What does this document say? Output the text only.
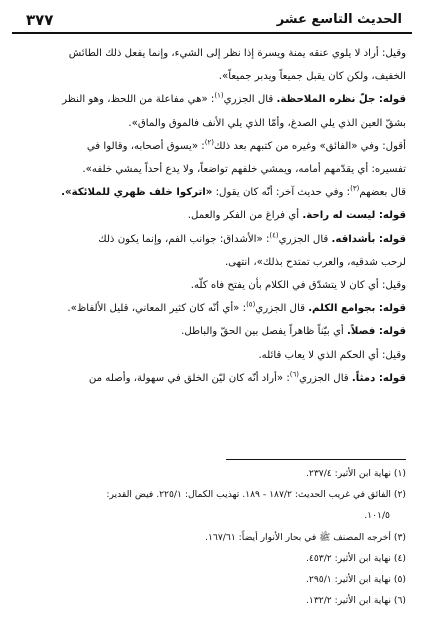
الحديث التاسع عشر
٣٧٧
وقيل: أراد لا يلوي عنقه يمنة ويسرة إذا نظر إلى الشيء، وإنما يفعل ذلك الطائش
الخفيف، ولكن كان يقبل جميعاً ويدبر جميعاً».
قوله: جلّ نظره الملاحظة. قال الجزري$^{(١)}$: «هي مفاعلة من اللحظ، وهو النظر
بشقّ العين الذي يلي الصدغ، وأمّا الذي يلي الأنف فالموق والماق».
أقول: وفي «الفائق» وغيره من كتبهم بعد ذلك$^{(٢)}$: «يسوق أصحابه، وقالوا في
تفسيره: أي يقدّمهم أمامه، ويمشي خلفهم تواضعاً، ولا يدع أحداً يمشي خلفه».
قال بعضهم$^{(٣)}$: وفي حديث آخر: أنّه كان يقول: «اتركوا خلف ظهري للملائكة».
قوله: ليست له راحة. أي فراغ من الفكر والعمل.
قوله: بأشداقه. قال الجزري$^{(٤)}$: «الأشداق: جوانب الفم، وإنما يكون ذلك
لرحب شدقيه، والعرب تمتدح بذلك»، انتهى.
وقيل: أي كان لا يتشدّق في الكلام بأن يفتح فاه كلّه.
قوله: بجوامع الكلم. قال الجزري$^{(٥)}$: «أي أنّه كان كثير المعاني، قليل الألفاظ».
قوله: فصلاً. أي بيّناً ظاهراً يفصل بين الحقّ والباطل.
وقيل: أي الحكم الذي لا يعاب قائله.
قوله: دمثاً. قال الجزري$^{(٦)}$: «أراد أنّه كان ليّن الخلق في سهولة، وأصله من
(١) نهاية ابن الأثير: ٢٣٧/٤.
(٢) الفائق في غريب الحديث: ١٨٧/٢ - ١٨٩. تهذيب الكمال: ٢٢٥/١. فيض القدير:
١٠١/٥.
(٣) أخرجه المصنف ﷺ في بحار الأنوار أيضاً: ١٦٧/٦١.
(٤) نهاية ابن الأثير: ٤٥٣/٢.
(٥) نهاية ابن الأثير: ٢٩٥/١.
(٦) نهاية ابن الأثير: ١٣٢/٢.
